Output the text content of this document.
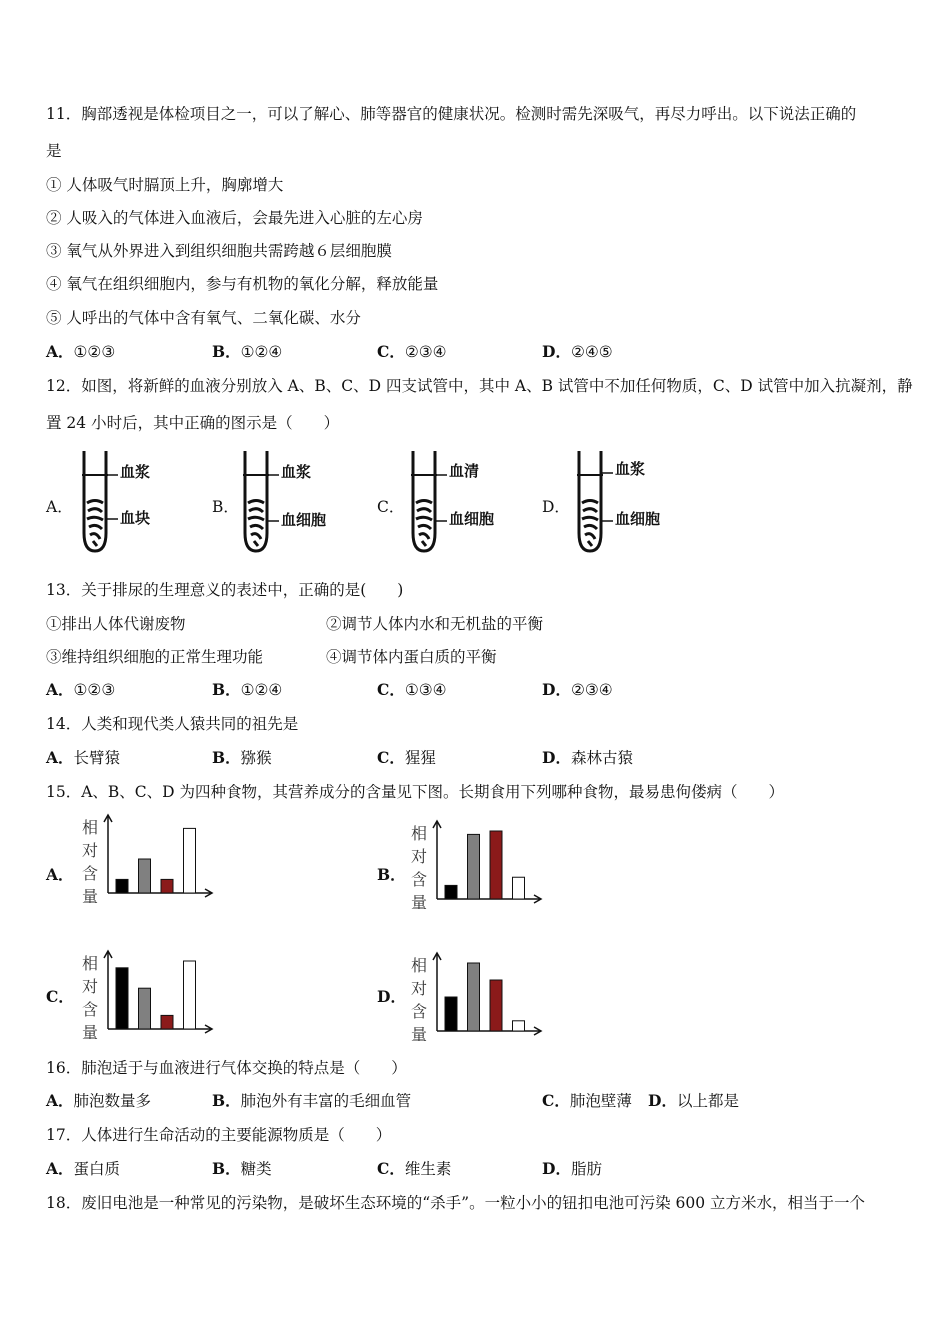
11．胸部透视是体检项目之一，可以了解心、肺等器官的健康状况。检测时需先深吸气，再尽力呼出。以下说法正确的
是
① 人体吸气时膈顶上升，胸廓增大
② 人吸入的气体进入血液后，会最先进入心脏的左心房
③ 氧气从外界进入到组织细胞共需跨越６层细胞膜
④ 氧气在组织细胞内，参与有机物的氧化分解，释放能量
⑤ 人呼出的气体中含有氧气、二氧化碳、水分
A．①②③	B．①②④	C．②③④	D．②④⑤
12．如图，将新鲜的血液分别放入 A、B、C、D 四支试管中，其中 A、B 试管中不加任何物质，C、D 试管中加入抗凝剂，静
置 24 小时后，其中正确的图示是（　　）
A．	B．	C．	D．
血浆
血块
血浆
血细胞
血清
血细胞
血浆
血细胞
13．关于排尿的生理意义的表述中，正确的是(　　)
①排出人体代谢废物	②调节人体内水和无机盐的平衡
③维持组织细胞的正常生理功能	④调节体内蛋白质的平衡
A．①②③	B．①②④	C．①③④	D．②③④
14．人类和现代类人猿共同的祖先是
A．长臂猿	B．猕猴	C．猩猩	D．森林古猿
15．A、B、C、D 为四种食物，其营养成分的含量见下图。长期食用下列哪种食物，最易患佝偻病（　　）
A．	B．
C．	D．
相
对
含
量
相
对
含
量
相
对
含
量
相
对
含
量
16．肺泡适于与血液进行气体交换的特点是（　　）
A．肺泡数量多	B．肺泡外有丰富的毛细血管	C．肺泡壁薄 D．以上都是
17．人体进行生命活动的主要能源物质是（　　）
A．蛋白质	B．糖类	C．维生素	D．脂肪
18．废旧电池是一种常见的污染物，是破坏生态环境的“杀手”。一粒小小的钮扣电池可污染 600 立方米水，相当于一个
